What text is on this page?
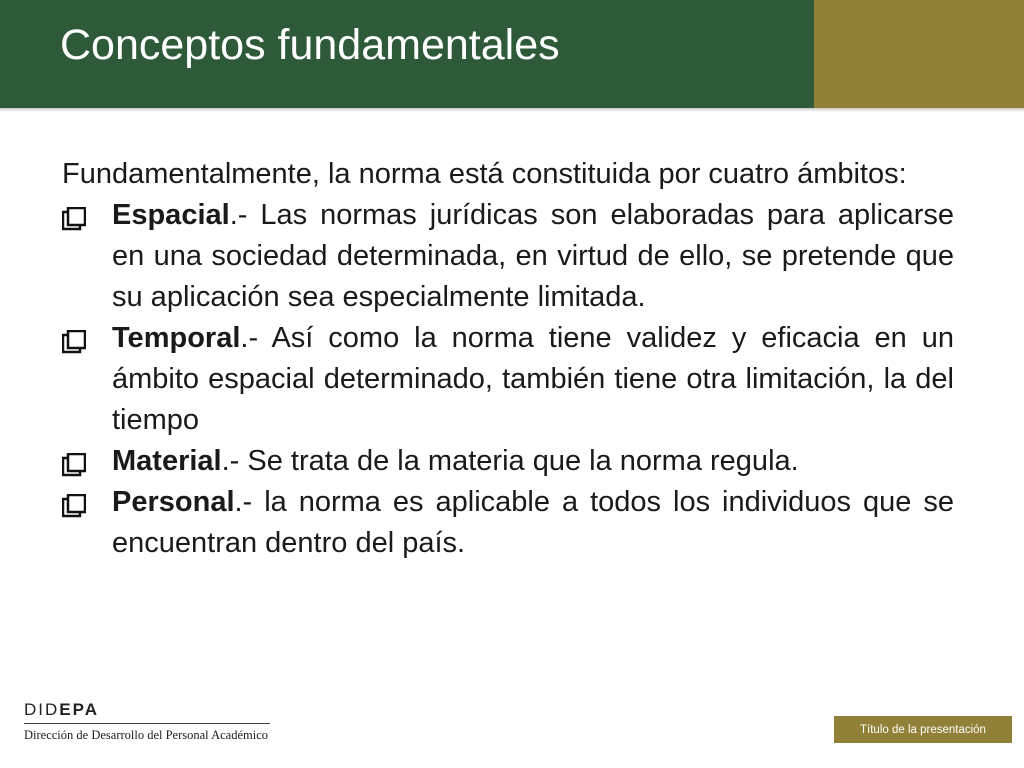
Conceptos fundamentales

Fundamentalmente, la norma está constituida por cuatro ámbitos:

Espacial.- Las normas jurídicas son elaboradas para aplicarse en una sociedad determinada, en virtud de ello, se pretende que su aplicación sea especialmente limitada.
Temporal.- Así como la norma tiene validez y eficacia en un ámbito espacial determinado, también tiene otra limitación, la del tiempo
Material.- Se trata de la materia que la norma regula.
Personal.- la norma es aplicable a todos los individuos que se encuentran dentro del país.
DIDEPA
Dirección de Desarrollo del Personal Académico	Título de la presentación
